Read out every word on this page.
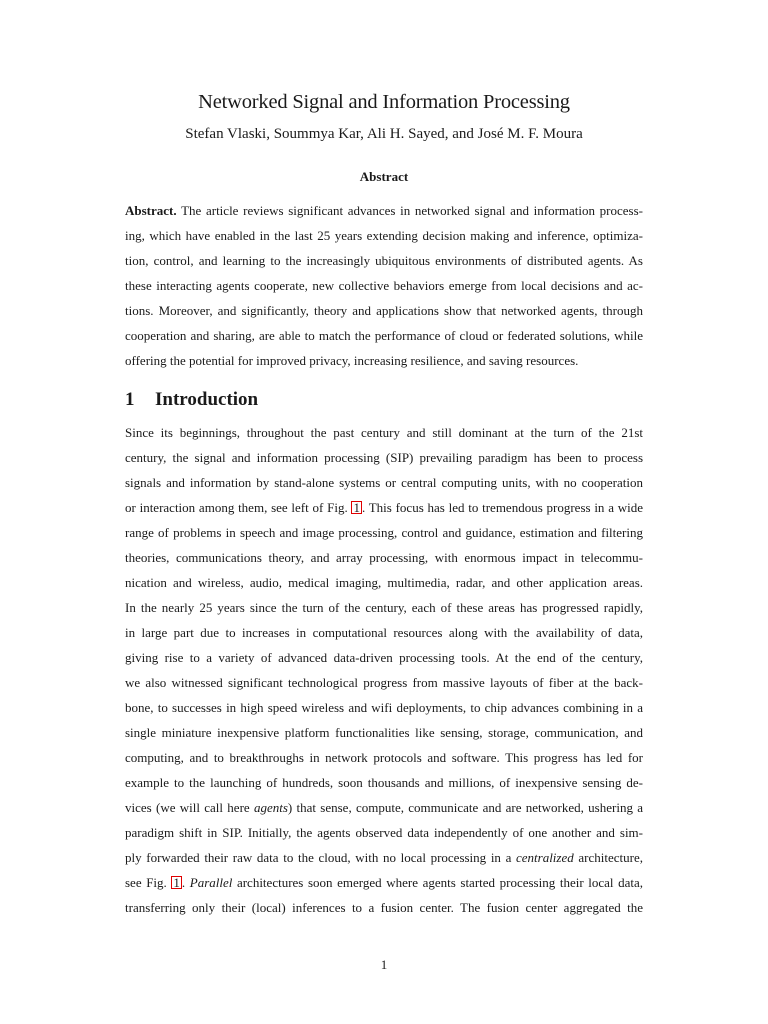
Networked Signal and Information Processing
Stefan Vlaski, Soummya Kar, Ali H. Sayed, and José M. F. Moura
Abstract
Abstract. The article reviews significant advances in networked signal and information process-
ing, which have enabled in the last 25 years extending decision making and inference, optimiza-
tion, control, and learning to the increasingly ubiquitous environments of distributed agents. As
these interacting agents cooperate, new collective behaviors emerge from local decisions and ac-
tions. Moreover, and significantly, theory and applications show that networked agents, through
cooperation and sharing, are able to match the performance of cloud or federated solutions, while
offering the potential for improved privacy, increasing resilience, and saving resources.
1 Introduction
Since its beginnings, throughout the past century and still dominant at the turn of the 21st
century, the signal and information processing (SIP) prevailing paradigm has been to process
signals and information by stand-alone systems or central computing units, with no cooperation
or interaction among them, see left of Fig. 1 . This focus has led to tremendous progress in a wide
range of problems in speech and image processing, control and guidance, estimation and filtering
theories, communications theory, and array processing, with enormous impact in telecommu-
nication and wireless, audio, medical imaging, multimedia, radar, and other application areas.
In the nearly 25 years since the turn of the century, each of these areas has progressed rapidly,
in large part due to increases in computational resources along with the availability of data,
giving rise to a variety of advanced data-driven processing tools. At the end of the century,
we also witnessed significant technological progress from massive layouts of fiber at the back-
bone, to successes in high speed wireless and wifi deployments, to chip advances combining in a
single miniature inexpensive platform functionalities like sensing, storage, communication, and
computing, and to breakthroughs in network protocols and software. This progress has led for
example to the launching of hundreds, soon thousands and millions, of inexpensive sensing de-
vices (we will call here agents) that sense, compute, communicate and are networked, ushering a
paradigm shift in SIP. Initially, the agents observed data independently of one another and sim-
ply forwarded their raw data to the cloud, with no local processing in a centralized architecture,
see Fig. 1 . Parallel architectures soon emerged where agents started processing their local data,
transferring only their (local) inferences to a fusion center. The fusion center aggregated the
1
